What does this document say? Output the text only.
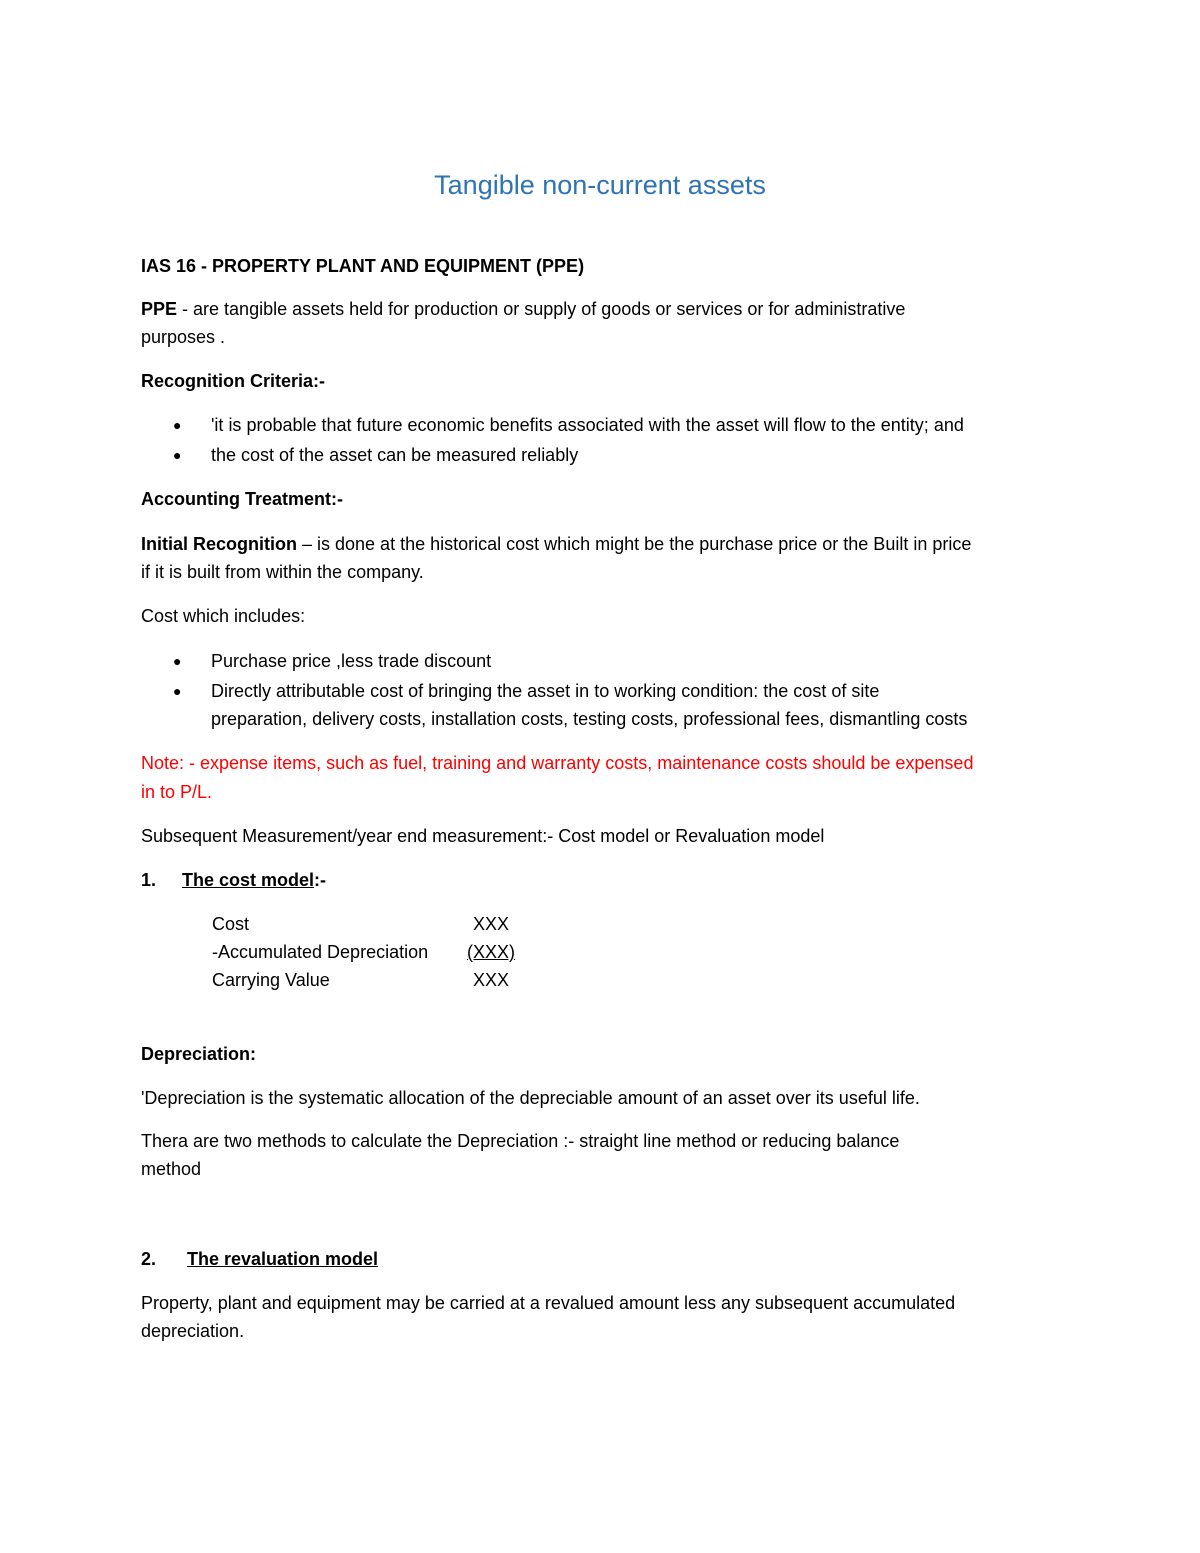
Tangible non-current assets
IAS 16 - PROPERTY PLANT AND EQUIPMENT (PPE)
PPE - are tangible assets held for production or supply of goods or services or for administrative
purposes .
Recognition Criteria:-
● 'it is probable that future economic benefits associated with the asset will flow to the entity; and
● the cost of the asset can be measured reliably
Accounting Treatment:-
Initial Recognition – is done at the historical cost which might be the purchase price or the Built in price
if it is built from within the company.
Cost which includes:
● Purchase price ,less trade discount
● Directly attributable cost of bringing the asset in to working condition: the cost of site
preparation, delivery costs, installation costs, testing costs, professional fees, dismantling costs
Note: - expense items, such as fuel, training and warranty costs, maintenance costs should be expensed
in to P/L.
Subsequent Measurement/year end measurement:- Cost model or Revaluation model
1. The cost model:-
Cost	XXX
-Accumulated Depreciation (XXX)
Carrying Value	XXX
Depreciation:
'Depreciation is the systematic allocation of the depreciable amount of an asset over its useful life.
Thera are two methods to calculate the Depreciation :- straight line method or reducing balance
method
2. The revaluation model
Property, plant and equipment may be carried at a revalued amount less any subsequent accumulated
depreciation.
